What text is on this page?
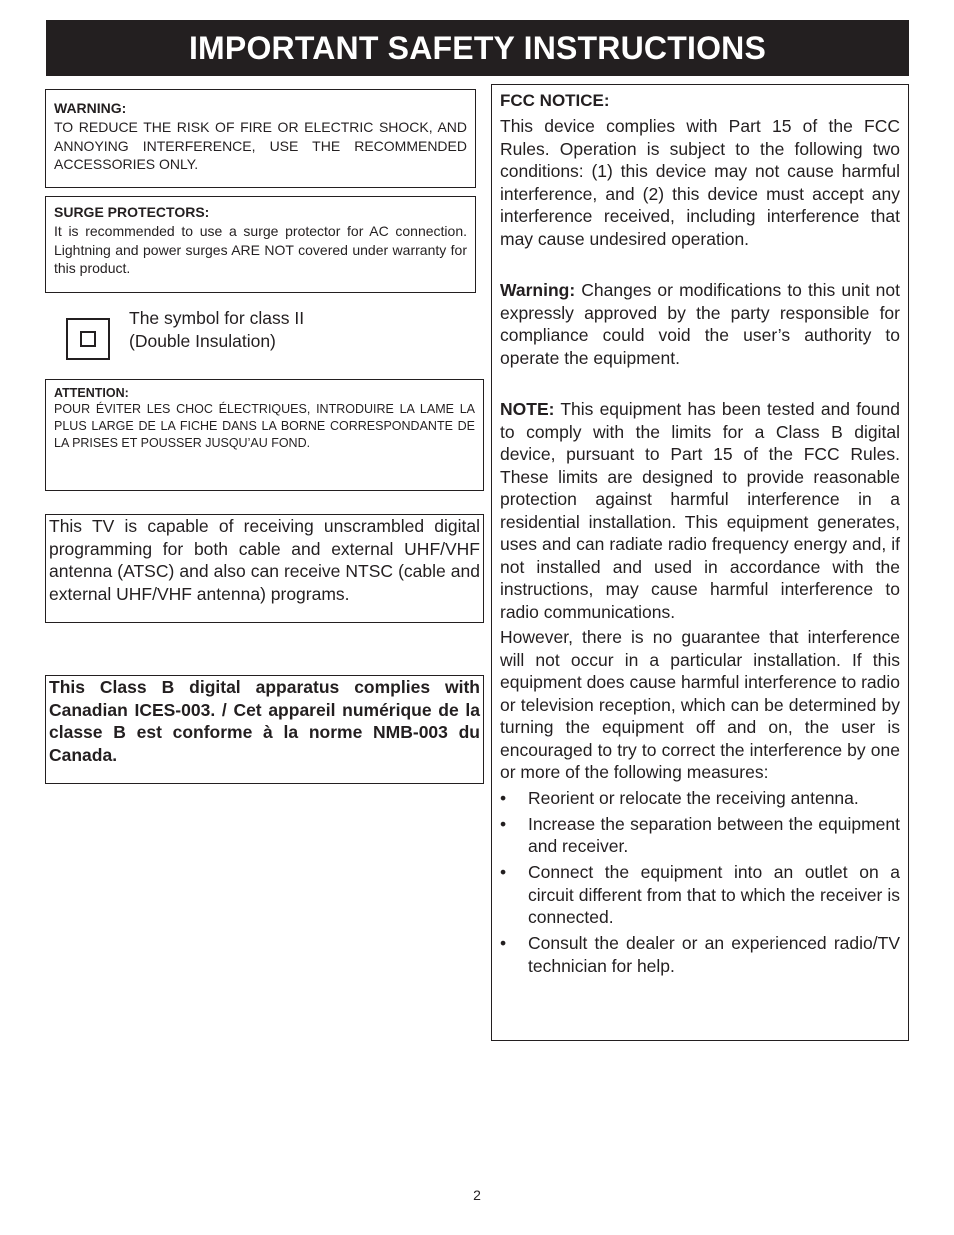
IMPORTANT SAFETY INSTRUCTIONS

WARNING:

TO REDUCE THE RISK OF FIRE OR ELECTRIC SHOCK, AND ANNOYING INTERFERENCE, USE THE RECOMMENDED ACCESSORIES ONLY.

SURGE PROTECTORS:

It is recommended to use a surge protector for AC connection. Lightning and power surges ARE NOT covered under warranty for this product.

The symbol for class II
(Double Insulation)

ATTENTION:

POUR ÉVITER LES CHOC ÉLECTRIQUES, INTRODUIRE LA LAME LA PLUS LARGE DE LA FICHE DANS LA BORNE CORRESPONDANTE DE LA PRISES ET POUSSER JUSQU’AU FOND.

This TV is capable of receiving unscrambled digital programming for both cable and external UHF/VHF antenna (ATSC) and also can receive NTSC (cable and external UHF/VHF antenna) programs.

This Class B digital apparatus complies with Canadian ICES-003. / Cet appareil numérique de la classe B est conforme à la norme NMB-003 du Canada.

FCC NOTICE:

This device complies with Part 15 of the FCC Rules. Operation is subject to the following two conditions: (1) this device may not cause harmful interference, and (2) this device must accept any interference received, including interference that may cause undesired operation.

Warning: Changes or modifications to this unit not expressly approved by the party responsible for compliance could void the user’s authority to operate the equipment.

NOTE: This equipment has been tested and found to comply with the limits for a Class B digital device, pursuant to Part 15 of the FCC Rules. These limits are designed to provide reasonable protection against harmful interference in a residential installation. This equipment generates, uses and can radiate radio frequency energy and, if not installed and used in accordance with the instructions, may cause harmful interference to radio communications.

However, there is no guarantee that interference will not occur in a particular installation. If this equipment does cause harmful interference to radio or television reception, which can be determined by turning the equipment off and on, the user is encouraged to try to correct the interference by one or more of the following measures:

• Reorient or relocate the receiving antenna.
• Increase the separation between the equipment and receiver.
• Connect the equipment into an outlet on a circuit different from that to which the receiver is connected.
• Consult the dealer or an experienced radio/TV technician for help.
2
